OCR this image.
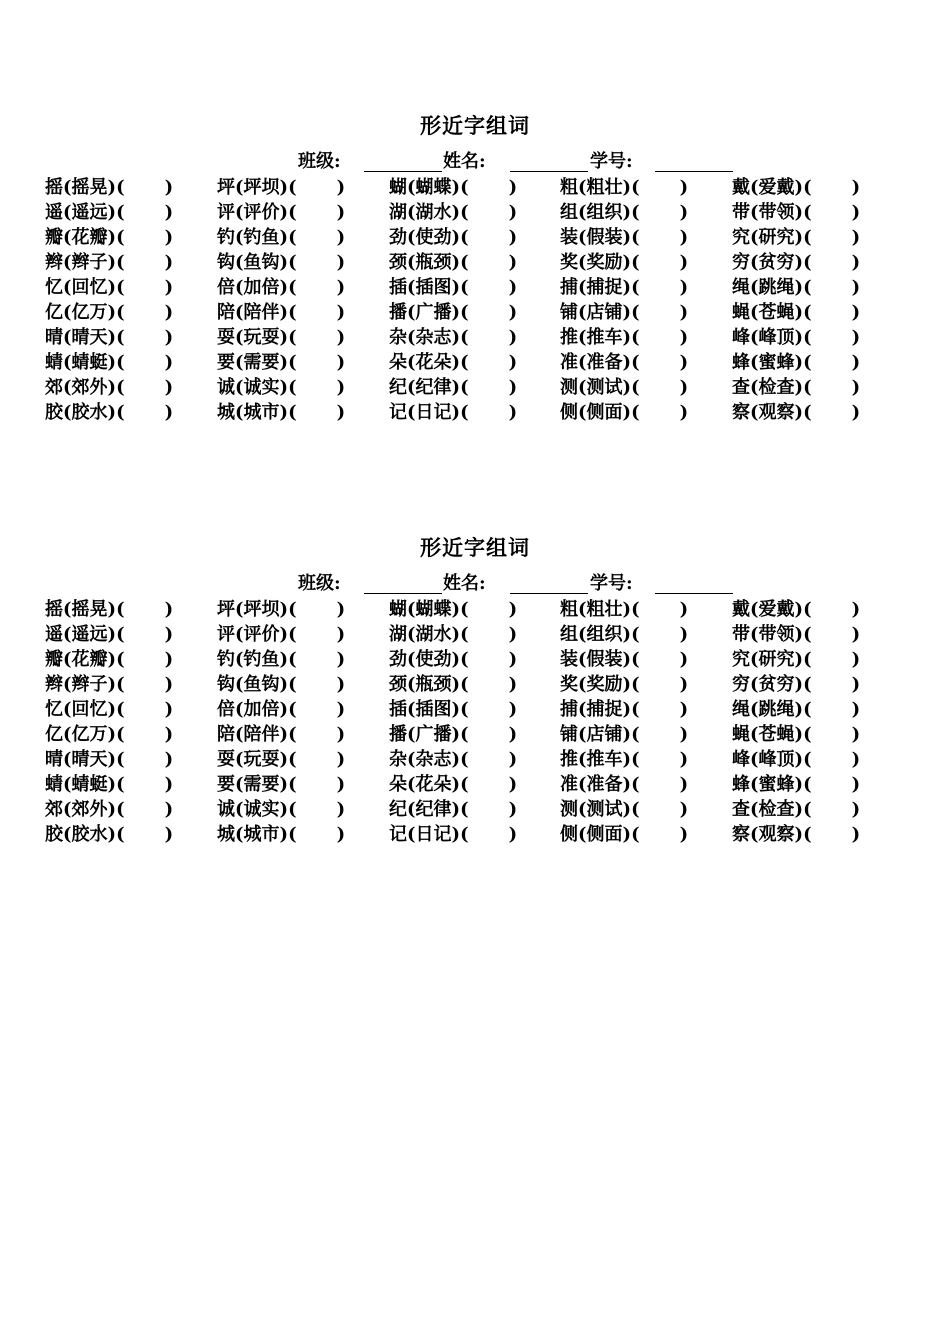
形近字组词
班级:	姓名:	学号:
摇(摇晃)( ) 坪(坪坝)( ) 蝴(蝴蝶)( ) 粗(粗壮)( ) 戴(爱戴)( )
遥(遥远)( ) 评(评价)( ) 湖(湖水)( ) 组(组织)( ) 带(带领)( )
瓣(花瓣)( ) 钓(钓鱼)( ) 劲(使劲)( ) 装(假装)( ) 究(研究)( )
辫(辫子)( ) 钩(鱼钩)( ) 颈(瓶颈)( ) 奖(奖励)( ) 穷(贫穷)( )
忆(回忆)( ) 倍(加倍)( ) 插(插图)( ) 捕(捕捉)( ) 绳(跳绳)( )
亿(亿万)( ) 陪(陪伴)( ) 播(广播)( ) 铺(店铺)( ) 蝇(苍蝇)( )
晴(晴天)( ) 耍(玩耍)( ) 杂(杂志)( ) 推(推车)( ) 峰(峰顶)( )
蜻(蜻蜓)( ) 要(需要)( ) 朵(花朵)( ) 准(准备)( ) 蜂(蜜蜂)( )
郊(郊外)( ) 诚(诚实)( ) 纪(纪律)( ) 测(测试)( ) 查(检查)( )
胶(胶水)( ) 城(城市)( ) 记(日记)( ) 侧(侧面)( ) 察(观察)( )
形近字组词
班级:	姓名:	学号:
摇(摇晃)( ) 坪(坪坝)( ) 蝴(蝴蝶)( ) 粗(粗壮)( ) 戴(爱戴)( )
遥(遥远)( ) 评(评价)( ) 湖(湖水)( ) 组(组织)( ) 带(带领)( )
瓣(花瓣)( ) 钓(钓鱼)( ) 劲(使劲)( ) 装(假装)( ) 究(研究)( )
辫(辫子)( ) 钩(鱼钩)( ) 颈(瓶颈)( ) 奖(奖励)( ) 穷(贫穷)( )
忆(回忆)( ) 倍(加倍)( ) 插(插图)( ) 捕(捕捉)( ) 绳(跳绳)( )
亿(亿万)( ) 陪(陪伴)( ) 播(广播)( ) 铺(店铺)( ) 蝇(苍蝇)( )
晴(晴天)( ) 耍(玩耍)( ) 杂(杂志)( ) 推(推车)( ) 峰(峰顶)( )
蜻(蜻蜓)( ) 要(需要)( ) 朵(花朵)( ) 准(准备)( ) 蜂(蜜蜂)( )
郊(郊外)( ) 诚(诚实)( ) 纪(纪律)( ) 测(测试)( ) 查(检查)( )
胶(胶水)( ) 城(城市)( ) 记(日记)( ) 侧(侧面)( ) 察(观察)( )
